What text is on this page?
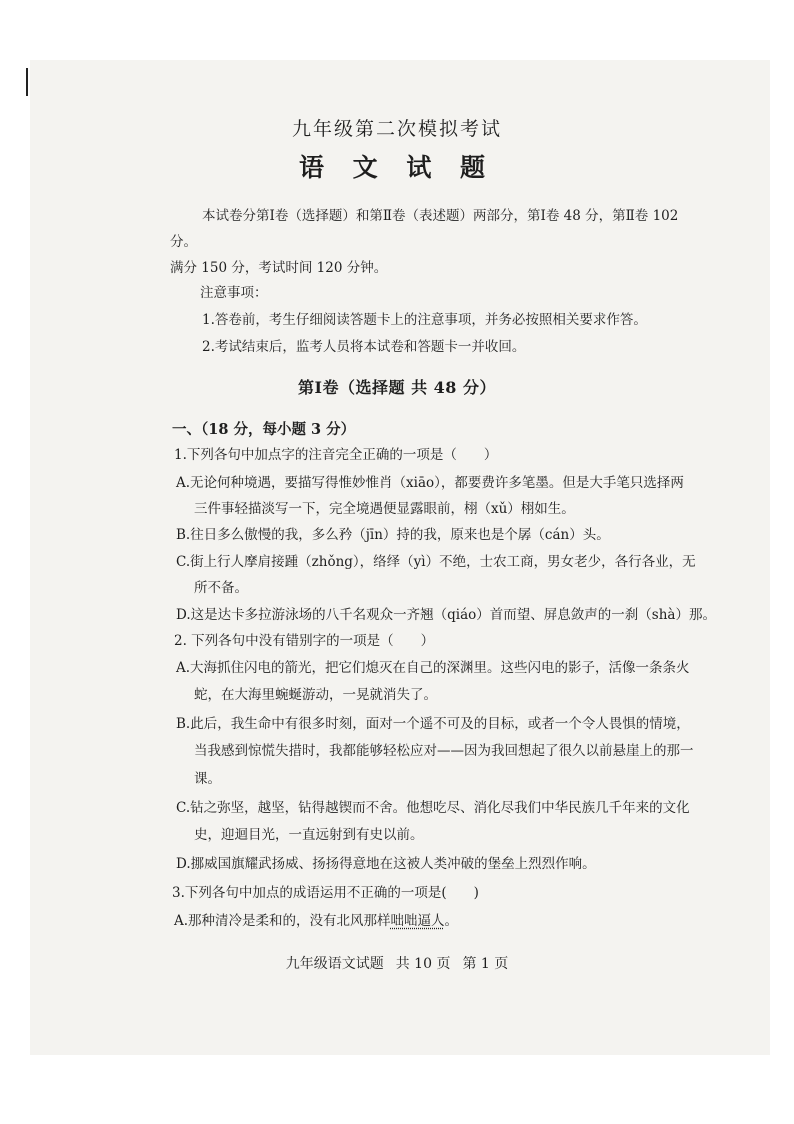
九年级第二次模拟考试
语 文 试 题
本试卷分第Ⅰ卷（选择题）和第Ⅱ卷（表述题）两部分，第Ⅰ卷 48 分，第Ⅱ卷 102
分。
满分 150 分，考试时间 120 分钟。
注意事项：
1.答卷前，考生仔细阅读答题卡上的注意事项，并务必按照相关要求作答。
2.考试结束后，监考人员将本试卷和答题卡一并收回。
第Ⅰ卷（选择题 共 48 分）
一、（18 分，每小题 3 分）
1.下列各句中加点字的注音完全正确的一项是（　　）
A.无论何种境遇，要描写得惟妙惟肖（xiāo），都要费许多笔墨。但是大手笔只选择两
三件事轻描淡写一下，完全境遇便显露眼前，栩（xǔ）栩如生。
B.往日多么傲慢的我，多么矜（jīn）持的我，原来也是个孱（cán）头。
C.街上行人摩肩接踵（zhǒng），络绎（yì）不绝，士农工商，男女老少，各行各业，无
所不备。
D.这是达卡多拉游泳场的八千名观众一齐翘（qiáo）首而望、屏息敛声的一刹（shà）那。
2. 下列各句中没有错别字的一项是（　　）
A.大海抓住闪电的箭光，把它们熄灭在自己的深渊里。这些闪电的影子，活像一条条火
蛇，在大海里蜿蜒游动，一晃就消失了。
B.此后，我生命中有很多时刻，面对一个遥不可及的目标，或者一个令人畏惧的情境，
当我感到惊慌失措时，我都能够轻松应对——因为我回想起了很久以前悬崖上的那一
课。
C.钻之弥坚，越坚，钻得越锲而不舍。他想吃尽、消化尽我们中华民族几千年来的文化
史，迎迴目光，一直远射到有史以前。
D.挪威国旗耀武扬威、扬扬得意地在这被人类冲破的堡垒上烈烈作响。
3.下列各句中加点的成语运用不正确的一项是(　　)
A.那种清冷是柔和的，没有北风那样咄咄逼人。
九年级语文试题 共 10 页 第 1 页
